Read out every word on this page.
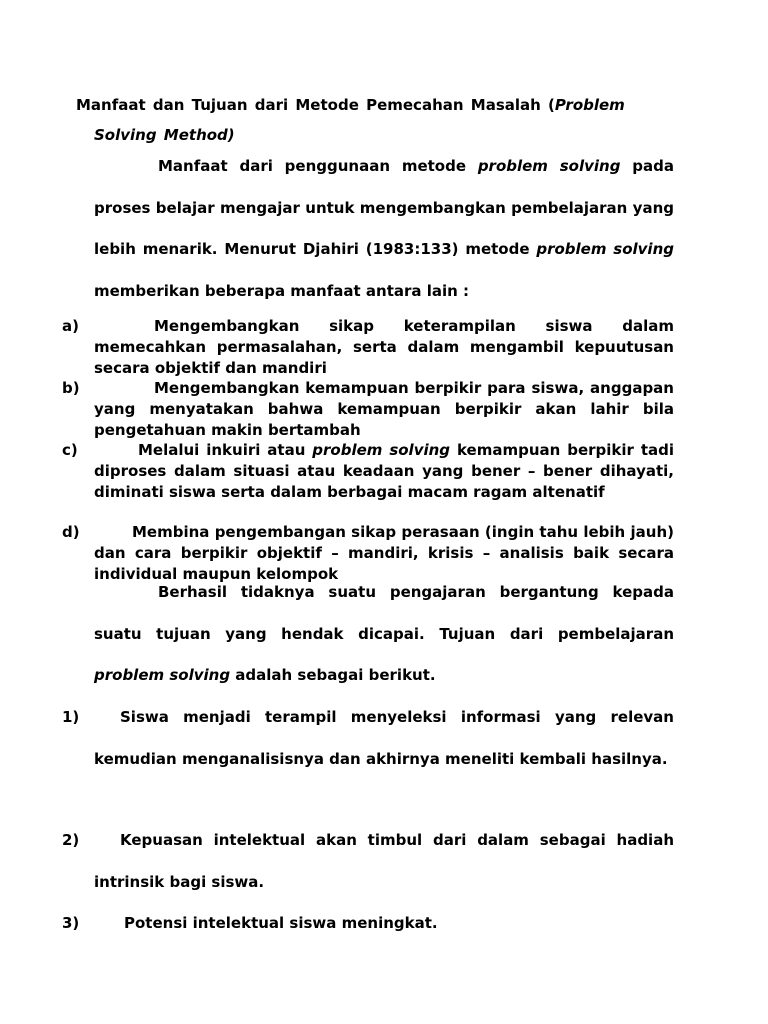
Manfaat dan Tujuan dari Metode Pemecahan Masalah (Problem Solving Method)
Manfaat dari penggunaan metode problem solving pada proses belajar mengajar untuk mengembangkan pembelajaran yang lebih menarik. Menurut Djahiri (1983:133) metode problem solving memberikan beberapa manfaat antara lain :
a)	Mengembangkan sikap keterampilan siswa dalam memecahkan permasalahan, serta dalam mengambil kepuutusan secara objektif dan mandiri
b)	Mengembangkan kemampuan berpikir para siswa, anggapan yang menyatakan bahwa kemampuan berpikir akan lahir bila pengetahuan makin bertambah
c)	Melalui inkuiri atau problem solving kemampuan berpikir tadi diproses dalam situasi atau keadaan yang bener – bener dihayati, diminati siswa serta dalam berbagai macam ragam altenatif
d)	Membina pengembangan sikap perasaan (ingin tahu lebih jauh) dan cara berpikir objektif – mandiri, krisis – analisis baik secara individual maupun kelompok
Berhasil tidaknya suatu pengajaran bergantung kepada suatu tujuan yang hendak dicapai. Tujuan dari pembelajaran problem solving adalah sebagai berikut.
1)	Siswa menjadi terampil menyeleksi informasi yang relevan kemudian menganalisisnya dan akhirnya meneliti kembali hasilnya.
2)	Kepuasan intelektual akan timbul dari dalam sebagai hadiah intrinsik bagi siswa.
3)	Potensi intelektual siswa meningkat.
